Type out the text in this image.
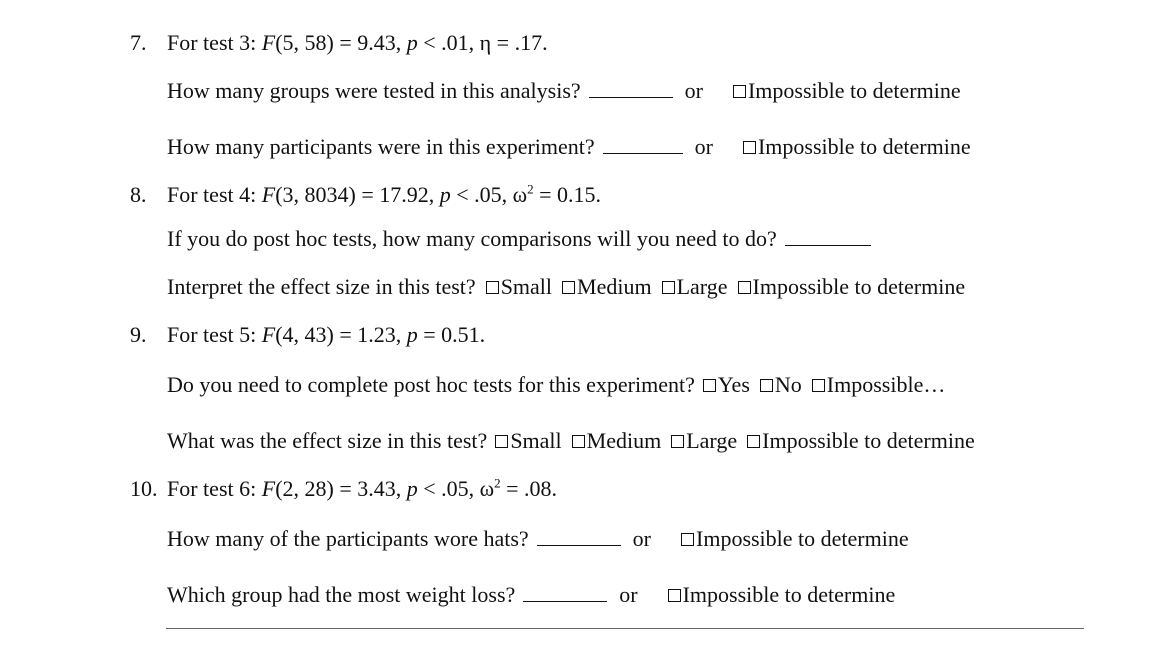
7. For test 3: F(5, 58) = 9.43, p < .01, η = .17.
How many groups were tested in this analysis?	or Impossible to determine
How many participants were in this experiment?	or Impossible to determine
8. For test 4: F(3, 8034) = 17.92, p < .05, $\omega^2 = 0.15$.
If you do post hoc tests, how many comparisons will you need to do?
Interpret the effect size in this test? Small Medium Large Impossible to determine
9. For test 5: F(4, 43) = 1.23, p = 0.51.
Do you need to complete post hoc tests for this experiment? Yes No Impossible…
What was the effect size in this test? Small Medium Large Impossible to determine
10. For test 6: F(2, 28) = 3.43, p < .05, $\omega^2 = .08$.
How many of the participants wore hats?	or Impossible to determine
Which group had the most weight loss?	or Impossible to determine
